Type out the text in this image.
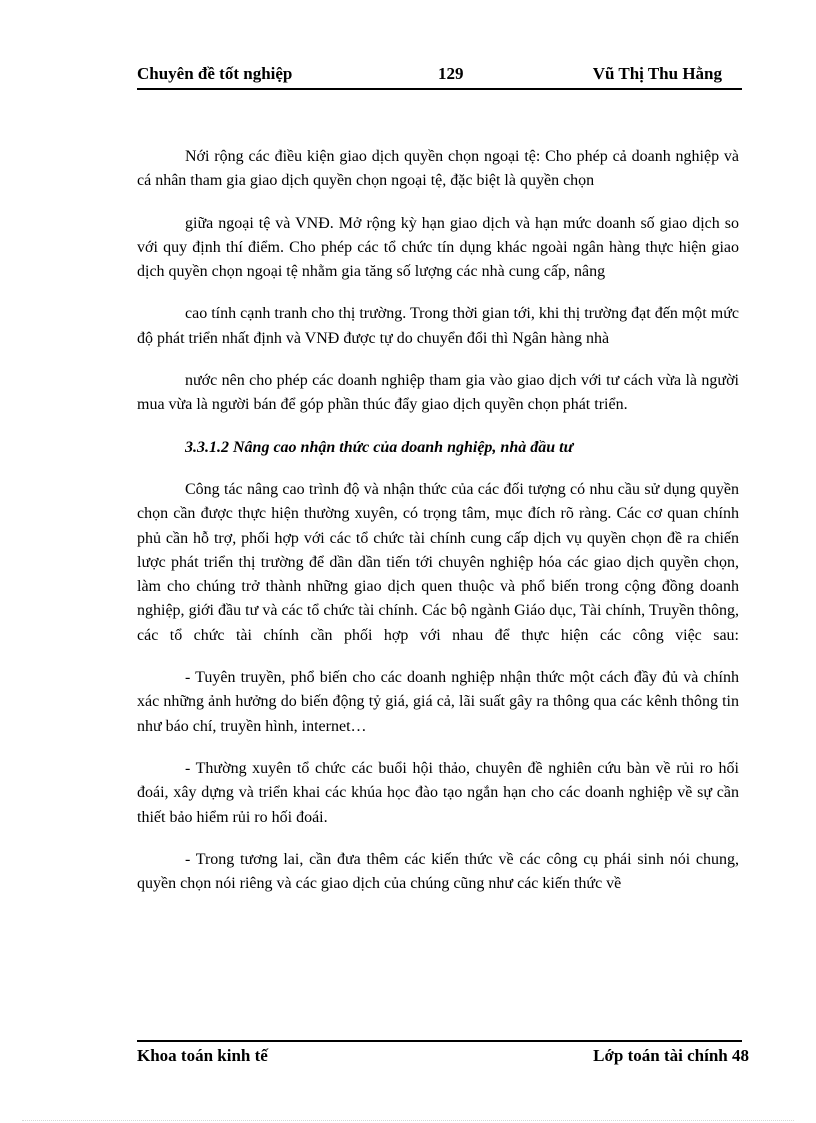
Chuyên đề tốt nghiệp	129	Vũ Thị Thu Hằng

Nới rộng các điều kiện giao dịch quyền chọn ngoại tệ: Cho phép cả doanh nghiệp và cá nhân tham gia giao dịch quyền chọn ngoại tệ, đặc biệt là quyền chọn

giữa ngoại tệ và VNĐ. Mở rộng kỳ hạn giao dịch và hạn mức doanh số giao dịch so với quy định thí điểm. Cho phép các tổ chức tín dụng khác ngoài ngân hàng thực hiện giao dịch quyền chọn ngoại tệ nhằm gia tăng số lượng các nhà cung cấp, nâng

cao tính cạnh tranh cho thị trường. Trong thời gian tới, khi thị trường đạt đến một mức độ phát triển nhất định và VNĐ được tự do chuyển đổi thì Ngân hàng nhà

nước nên cho phép các doanh nghiệp tham gia vào giao dịch với tư cách vừa là người mua vừa là người bán để góp phần thúc đẩy giao dịch quyền chọn phát triển.

3.3.1.2 Nâng cao nhận thức của doanh nghiệp, nhà đầu tư

Công tác nâng cao trình độ và nhận thức của các đối tượng có nhu cầu sử dụng quyền chọn cần được thực hiện thường xuyên, có trọng tâm, mục đích rõ ràng. Các cơ quan chính phủ cần hỗ trợ, phối hợp với các tổ chức tài chính cung cấp dịch vụ quyền chọn đề ra chiến lược phát triển thị trường để dần dần tiến tới chuyên nghiệp hóa các giao dịch quyền chọn, làm cho chúng trở thành những giao dịch quen thuộc và phổ biến trong cộng đồng doanh nghiệp, giới đầu tư và các tổ chức tài chính. Các bộ ngành Giáo dục, Tài chính, Truyền thông, các tổ chức tài chính cần phối hợp với nhau để thực hiện các công việc sau:

- Tuyên truyền, phổ biến cho các doanh nghiệp nhận thức một cách đầy đủ và chính xác những ảnh hưởng do biến động tỷ giá, giá cả, lãi suất gây ra thông qua các kênh thông tin như báo chí, truyền hình, internet…

- Thường xuyên tổ chức các buổi hội thảo, chuyên đề nghiên cứu bàn về rủi ro hối đoái, xây dựng và triển khai các khúa học đào tạo ngắn hạn cho các doanh nghiệp về sự cần thiết bảo hiểm rủi ro hối đoái.

- Trong tương lai, cần đưa thêm các kiến thức về các công cụ phái sinh nói chung, quyền chọn nói riêng và các giao dịch của chúng cũng như các kiến thức về

Khoa toán kinh tế	Lớp toán tài chính 48
